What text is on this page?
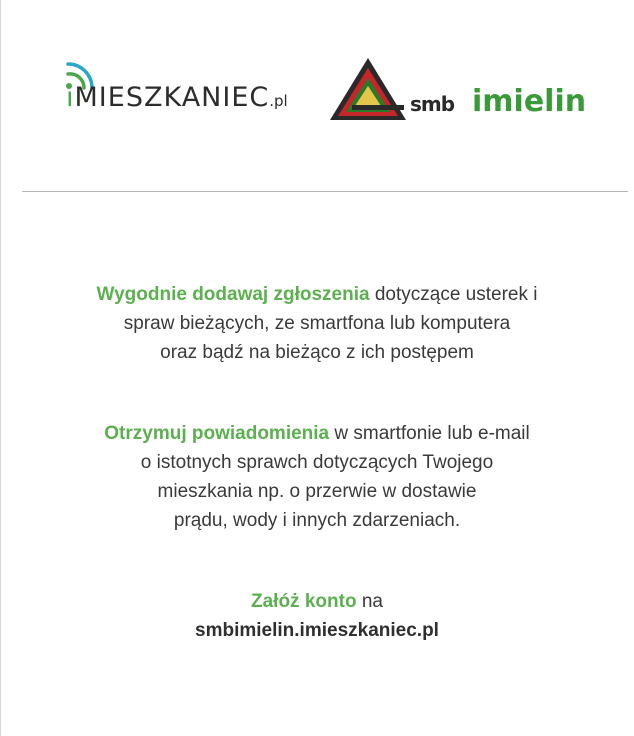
iMIESZKANIEC.pl	smb imielin

Wygodnie dodawaj zgłoszenia dotyczące usterek i
spraw bieżących, ze smartfona lub komputera
oraz bądź na bieżąco z ich postępem

Otrzymuj powiadomienia w smartfonie lub e-mail
o istotnych sprawch dotyczących Twojego
mieszkania np. o przerwie w dostawie
prądu, wody i innych zdarzeniach.

Załóż konto na
smbimielin.imieszkaniec.pl
